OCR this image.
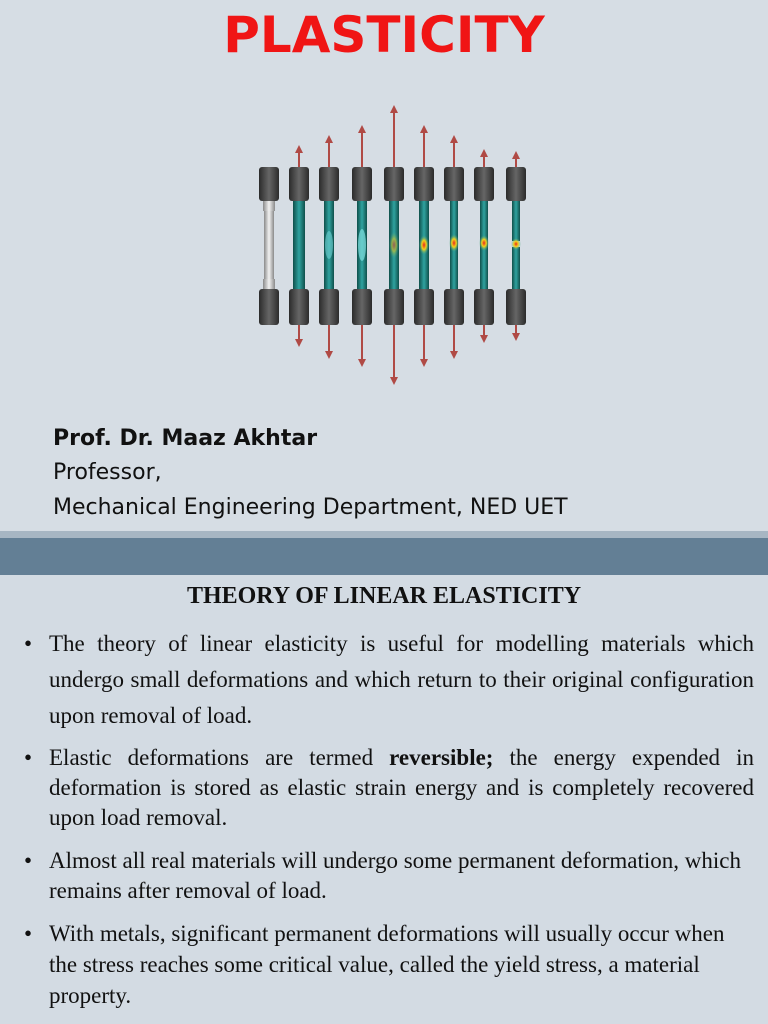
PLASTICITY
Prof. Dr. Maaz Akhtar
Professor,
Mechanical Engineering Department, NED UET
THEORY OF LINEAR ELASTICITY
• The theory of linear elasticity is useful for modelling materials which undergo small deformations and which return to their original configuration upon removal of load.
• Elastic deformations are termed reversible; the energy expended in deformation is stored as elastic strain energy and is completely recovered upon load removal.
• Almost all real materials will undergo some permanent deformation, which remains after removal of load.
• With metals, significant permanent deformations will usually occur when the stress reaches some critical value, called the yield stress, a material property.
